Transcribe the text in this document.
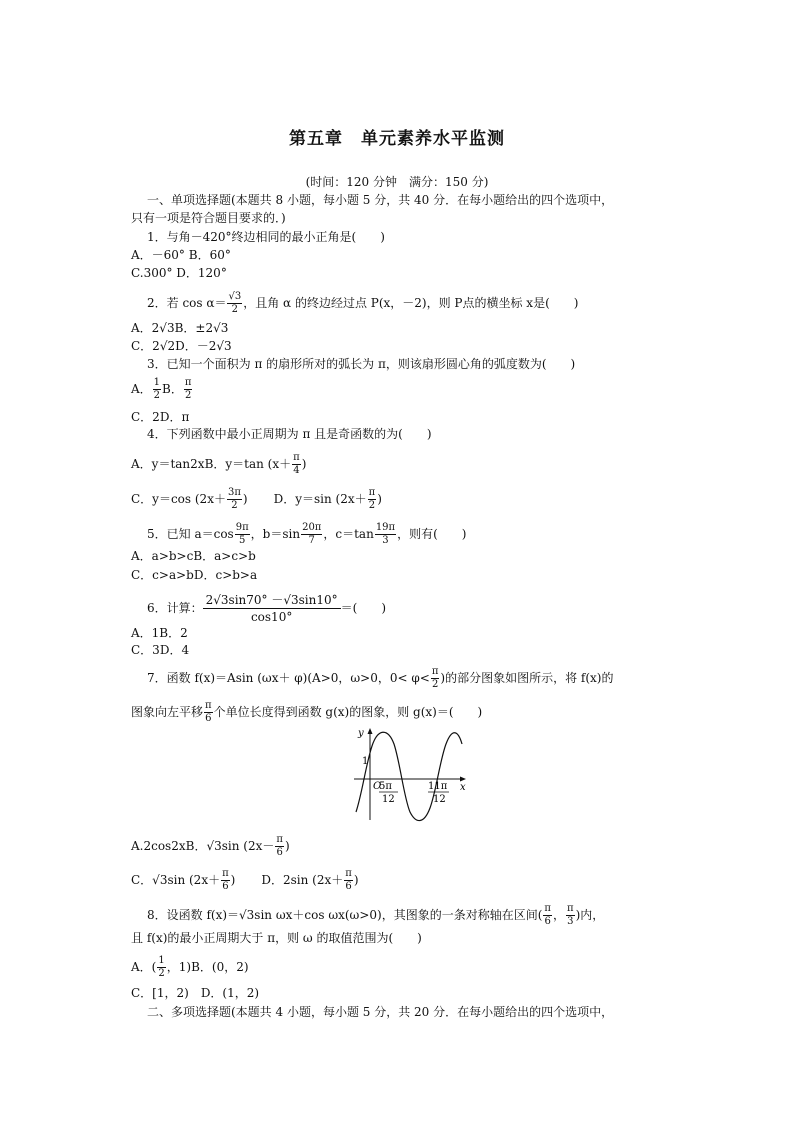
第五章　单元素养水平监测
(时间：120 分钟　满分：150 分)
一、单项选择题(本题共 8 小题，每小题 5 分，共 40 分．在每小题给出的四个选项中，
只有一项是符合题目要求的．)
1．与角－420°终边相同的最小正角是(　　)
A．－60° B．60°
C.300° D．120°
2．若 $\cos \alpha= \frac{√3}{2}$ ，且角 α 的终边经过点 P(x，－2)，则 P点的横坐标 x是(　　)
A．2√3B．±2√3
C．2√2D．－2√3
3．已知一个面积为 π 的扇形所对的弧长为 π，则该扇形圆心角的弧度数为(　　)
A． $\frac{1}{2}$ B． $\frac{\pi}{2}$
C．2D．π
4．下列函数中最小正周期为 π 且是奇函数的为(　　)
A．y＝tan2xB．y＝tan ($x+ \frac{\pi}{4}$ )
C．y＝cos ($2x+ \frac{3\pi}{2}$ ) D．y＝sin ($2x+ \frac{\pi}{2}$ )
5．已知 $a=\cos \frac{9\pi}{5}$ ，$b=\sin \frac{20\pi}{7}$ ，$c=\tan \frac{19\pi}{3}$ ，则有(　　)
A．a>b>cB．a>c>b
C．c>a>bD．c>b>a
6．计算： $\frac{2√3\sin 70^\circ -√3\sin 10^\circ}{\cos 10^\circ}$ ＝(　　)
A．1B．2
C．3D．4
7．函数 f(x)＝Asin (ωx＋ φ)(A>0，ω>0，$0< \varphi< \frac{\pi}{2}$ )的部分图象如图所示，将 f(x)的
图象向左平移 $\frac{\pi}{6}$ 个单位长度得到函数 g(x)的图象，则 g(x)＝(　　)
y
x
1
O
5π
12
11π
12
A.2cos2xB．√3sin ($2x- \frac{\pi}{6}$ )
C．√3sin ($2x+ \frac{\pi}{6}$ ) D．2sin ($2x+ \frac{\pi}{6}$ )
8．设函数 f(x)＝√3sin ωx＋cos ωx(ω>0)，其图象的一条对称轴在区间( $\frac{\pi}{6}$ ， $\frac{\pi}{3}$ )内，
且 f(x)的最小正周期大于 π，则 ω 的取值范围为(　　)
A．( $\frac{1}{2}$ ，1)B．(0，2)
C．[1，2)　D．(1，2)
二、多项选择题(本题共 4 小题，每小题 5 分，共 20 分．在每小题给出的四个选项中，
